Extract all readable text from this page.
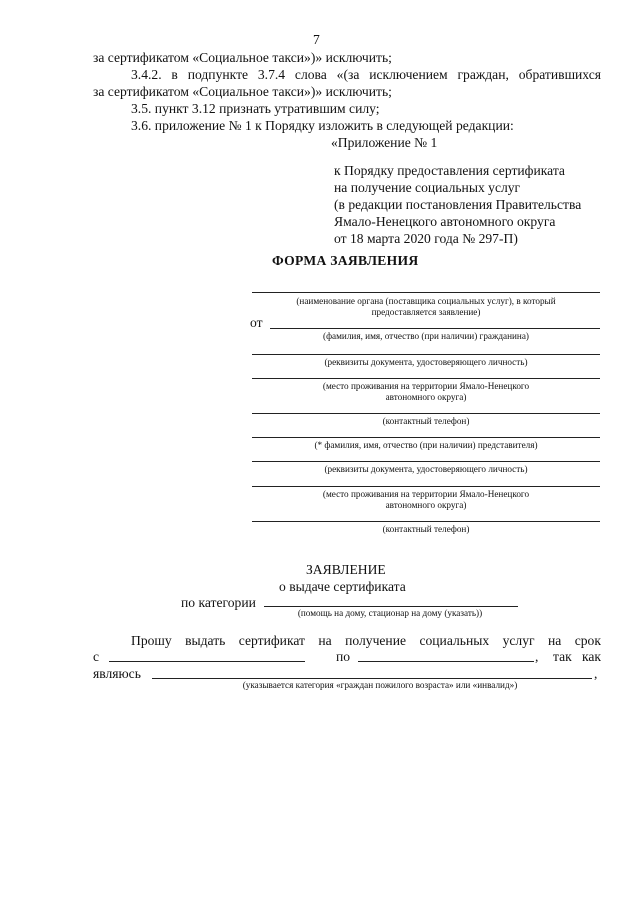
7
за сертификатом «Социальное такси»)» исключить;
3.4.2. в подпункте 3.7.4 слова «(за исключением граждан, обратившихся
за сертификатом «Социальное такси»)» исключить;
3.5. пункт 3.12 признать утратившим силу;
3.6. приложение № 1 к Порядку изложить в следующей редакции:
«Приложение № 1
к Порядку предоставления сертификата
на получение социальных услуг
(в редакции постановления Правительства
Ямало-Ненецкого автономного округа
от 18 марта 2020 года № 297-П)
ФОРМА ЗАЯВЛЕНИЯ
(наименование органа (поставщика социальных услуг), в который предоставляется заявление)
от
(фамилия, имя, отчество (при наличии) гражданина)
(реквизиты документа, удостоверяющего личность)
(место проживания на территории Ямало-Ненецкого автономного округа)
(контактный телефон)
(* фамилия, имя, отчество (при наличии) представителя)
(реквизиты документа, удостоверяющего личность)
(место проживания на территории Ямало-Ненецкого автономного округа)
(контактный телефон)
ЗАЯВЛЕНИЕ
о выдаче сертификата
по категории
(помощь на дому, стационар на дому (указать))
Прошу выдать сертификат на получение социальных услуг на срок
с	по	, так как
являюсь	,
(указывается категория «граждан пожилого возраста» или «инвалид»)
